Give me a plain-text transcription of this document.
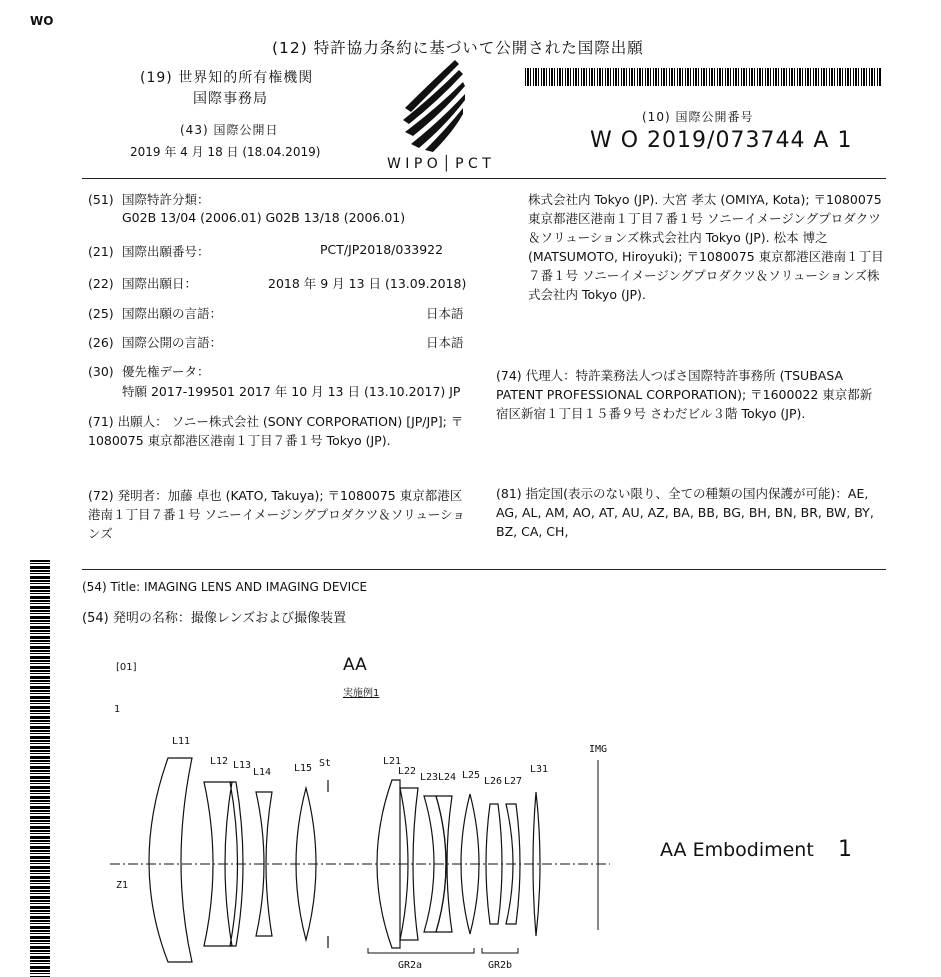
WO
(12) 特許協力条約に基づいて公開された国際出願
(19) 世界知的所有権機関
国際事務局
(43) 国際公開日
2019 年 4 月 18 日 (18.04.2019)
W I P O │ P C T
(10) 国際公開番号
W O 2019/073744 A 1
(51) 国際特許分類：
G02B 13/04 (2006.01) G02B 13/18 (2006.01)
(21) 国際出願番号：	PCT/JP2018/033922
(22) 国際出願日：	2018 年 9 月 13 日 (13.09.2018)
(25) 国際出願の言語：	日本語
(26) 国際公開の言語：	日本語
(30) 優先権データ：
特願 2017-199501 2017 年 10 月 13 日 (13.10.2017) JP
(71) 出願人： ソニー株式会社 (SONY CORPORATION) [JP/JP]; 〒1080075 東京都港区港南１丁目７番１号 Tokyo (JP).
(72) 発明者：加藤 卓也 (KATO, Takuya); 〒1080075 東京都港区港南１丁目７番１号 ソニーイメージングプロダクツ＆ソリューションズ
株式会社内 Tokyo (JP). 大宮 孝太 (OMIYA, Kota); 〒1080075 東京都港区港南１丁目７番１号 ソニーイメージングプロダクツ＆ソリューションズ株式会社内 Tokyo (JP). 松本 博之 (MATSUMOTO, Hiroyuki); 〒1080075 東京都港区港南１丁目７番１号 ソニーイメージングプロダクツ＆ソリューションズ株式会社内 Tokyo (JP).
(74) 代理人：特許業務法人つばさ国際特許事務所 (TSUBASA PATENT PROFESSIONAL CORPORATION); 〒1600022 東京都新宿区新宿１丁目１５番９号 さわだビル３階 Tokyo (JP).
(81) 指定国(表示のない限り、全ての種類の国内保護が可能)：AE, AG, AL, AM, AO, AT, AU, AZ, BA, BB, BG, BH, BN, BR, BW, BY, BZ, CA, CH,
(54) Title: IMAGING LENS AND IMAGING DEVICE
(54) 発明の名称：撮像レンズおよび撮像装置
[01]	AA
実施例1
1
L11
L12 L13
L14 L15 St	L21
L22
L23 L24 L25
L26 L27
L31
IMG
Z1
GR2a	GR2b
AA Embodiment 1
